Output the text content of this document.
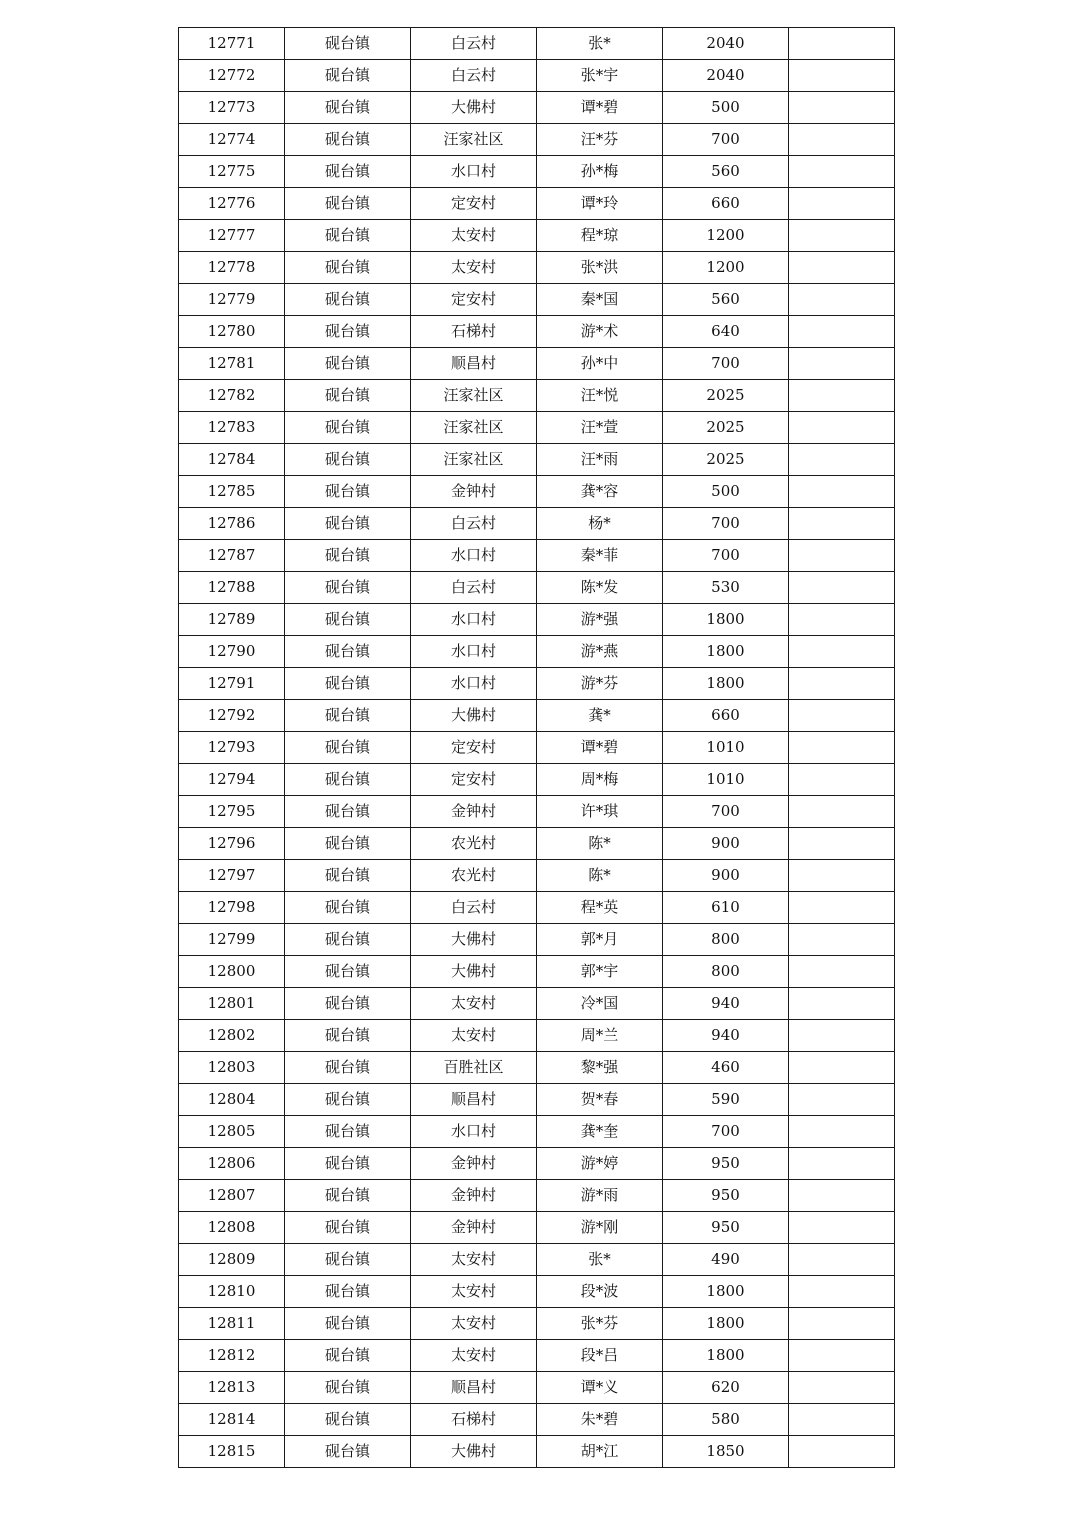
12771	砚台镇	白云村	张*	2040	
12772	砚台镇	白云村	张*宇	2040	
12773	砚台镇	大佛村	谭*碧	500	
12774	砚台镇	汪家社区	汪*芬	700	
12775	砚台镇	水口村	孙*梅	560	
12776	砚台镇	定安村	谭*玲	660	
12777	砚台镇	太安村	程*琼	1200	
12778	砚台镇	太安村	张*洪	1200	
12779	砚台镇	定安村	秦*国	560	
12780	砚台镇	石梯村	游*术	640	
12781	砚台镇	顺昌村	孙*中	700	
12782	砚台镇	汪家社区	汪*悦	2025	
12783	砚台镇	汪家社区	汪*萱	2025	
12784	砚台镇	汪家社区	汪*雨	2025	
12785	砚台镇	金钟村	龚*容	500	
12786	砚台镇	白云村	杨*	700	
12787	砚台镇	水口村	秦*菲	700	
12788	砚台镇	白云村	陈*发	530	
12789	砚台镇	水口村	游*强	1800	
12790	砚台镇	水口村	游*燕	1800	
12791	砚台镇	水口村	游*芬	1800	
12792	砚台镇	大佛村	龚*	660	
12793	砚台镇	定安村	谭*碧	1010	
12794	砚台镇	定安村	周*梅	1010	
12795	砚台镇	金钟村	许*琪	700	
12796	砚台镇	农光村	陈*	900	
12797	砚台镇	农光村	陈*	900	
12798	砚台镇	白云村	程*英	610	
12799	砚台镇	大佛村	郭*月	800	
12800	砚台镇	大佛村	郭*宇	800	
12801	砚台镇	太安村	冷*国	940	
12802	砚台镇	太安村	周*兰	940	
12803	砚台镇	百胜社区	黎*强	460	
12804	砚台镇	顺昌村	贺*春	590	
12805	砚台镇	水口村	龚*奎	700	
12806	砚台镇	金钟村	游*婷	950	
12807	砚台镇	金钟村	游*雨	950	
12808	砚台镇	金钟村	游*刚	950	
12809	砚台镇	太安村	张*	490	
12810	砚台镇	太安村	段*波	1800	
12811	砚台镇	太安村	张*芬	1800	
12812	砚台镇	太安村	段*吕	1800	
12813	砚台镇	顺昌村	谭*义	620	
12814	砚台镇	石梯村	朱*碧	580	
12815	砚台镇	大佛村	胡*江	1850	
